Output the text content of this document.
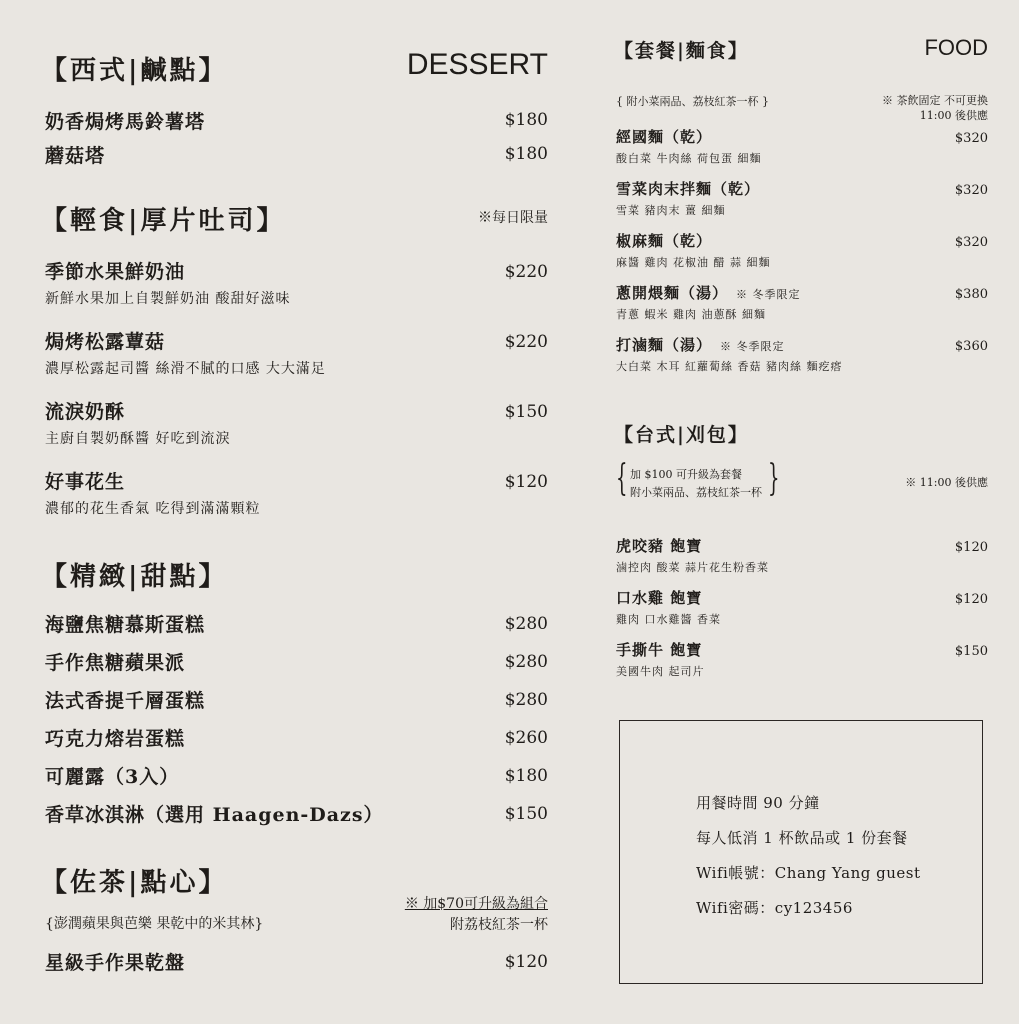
【西式|鹹點】	DESSERT
奶香焗烤馬鈴薯塔	$180
蘑菇塔	$180
【輕食|厚片吐司】	※每日限量
季節水果鮮奶油	$220
新鮮水果加上自製鮮奶油 酸甜好滋味
焗烤松露蕈菇	$220
濃厚松露起司醬 絲滑不膩的口感 大大滿足
流淚奶酥	$150
主廚自製奶酥醬 好吃到流淚
好事花生	$120
濃郁的花生香氣 吃得到滿滿顆粒
【精緻|甜點】
海鹽焦糖慕斯蛋糕	$280
手作焦糖蘋果派	$280
法式香提千層蛋糕	$280
巧克力熔岩蛋糕	$260
可麗露（3入）	$180
香草冰淇淋（選用 Haagen-Dazs）	$150
【佐茶|點心】
※ 加$70可升級為組合
附荔枝紅茶一杯
{澎潤蘋果與芭樂 果乾中的米其林}
星級手作果乾盤	$120
【套餐|麵食】	FOOD
{ 附小菜兩品、荔枝紅茶一杯 }	※ 茶飲固定 不可更換
11:00 後供應
經國麵（乾）	$320
酸白菜 牛肉絲 荷包蛋 細麵
雪菜肉末拌麵（乾）	$320
雪菜 豬肉末 薑 細麵
椒麻麵（乾）	$320
麻醬 雞肉 花椒油 醋 蒜 細麵
蔥開煨麵（湯） ※ 冬季限定	$380
青蔥 蝦米 雞肉 油蔥酥 細麵
打滷麵（湯） ※ 冬季限定	$360
大白菜 木耳 紅蘿蔔絲 香菇 豬肉絲 麵疙瘩
【台式|刈包】
{ 加 $100 可升級為套餐
附小菜兩品、荔枝紅茶一杯 }	※ 11:00 後供應
虎咬豬 飽寶	$120
滷控肉 酸菜 蒜片花生粉香菜
口水雞 飽寶	$120
雞肉 口水雞醬 香菜
手撕牛 飽寶	$150
美國牛肉 起司片
用餐時間 90 分鐘
每人低消 1 杯飲品或 1 份套餐
Wifi帳號：Chang Yang guest
Wifi密碼：cy123456
